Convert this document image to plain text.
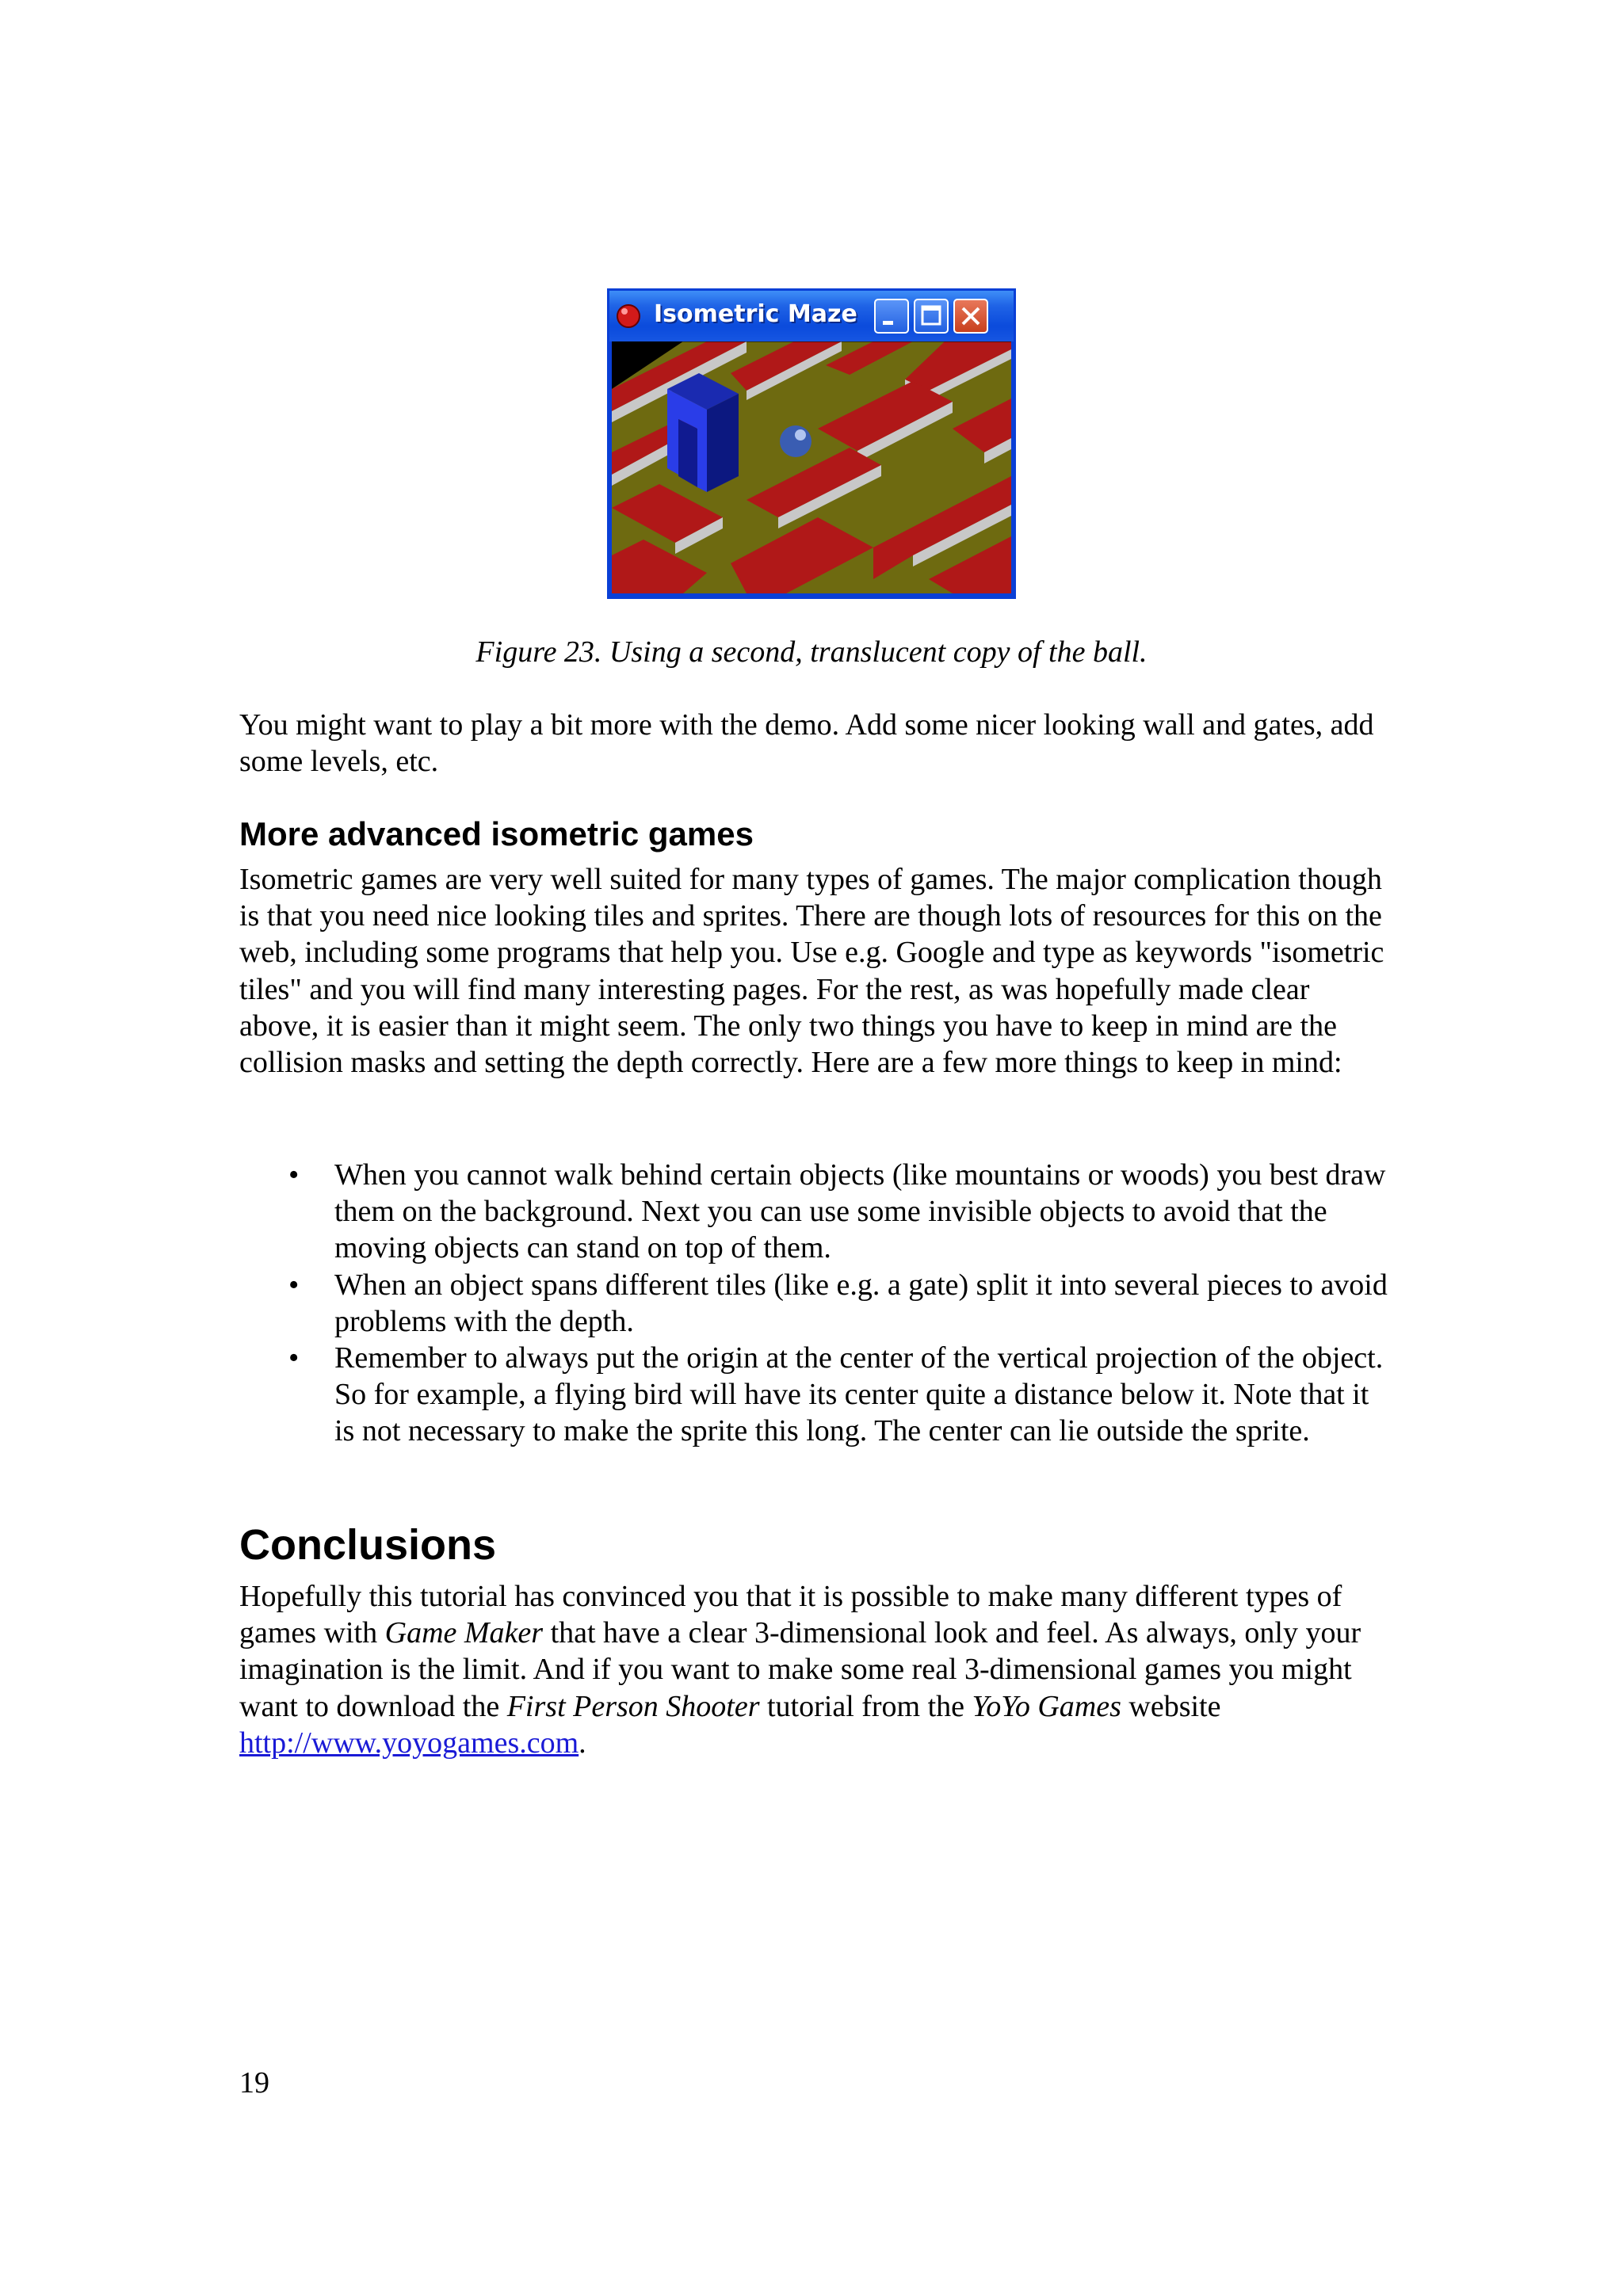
Isometric Maze
Figure 23. Using a second, translucent copy of the ball.

You might want to play a bit more with the demo. Add some nicer looking wall and gates, add some levels, etc.

More advanced isometric games

Isometric games are very well suited for many types of games. The major complication though is that you need nice looking tiles and sprites. There are though lots of resources for this on the web, including some programs that help you. Use e.g. Google and type as keywords "isometric tiles" and you will find many interesting pages. For the rest, as was hopefully made clear above, it is easier than it might seem. The only two things you have to keep in mind are the collision masks and setting the depth correctly. Here are a few more things to keep in mind:

• When you cannot walk behind certain objects (like mountains or woods) you best draw them on the background. Next you can use some invisible objects to avoid that the moving objects can stand on top of them.
• When an object spans different tiles (like e.g. a gate) split it into several pieces to avoid problems with the depth.
• Remember to always put the origin at the center of the vertical projection of the object. So for example, a flying bird will have its center quite a distance below it. Note that it is not necessary to make the sprite this long. The center can lie outside the sprite.
Conclusions

Hopefully this tutorial has convinced you that it is possible to make many different types of games with Game Maker that have a clear 3-dimensional look and feel. As always, only your imagination is the limit. And if you want to make some real 3-dimensional games you might want to download the First Person Shooter tutorial from the YoYo Games website http://www.yoyogames.com.

19
